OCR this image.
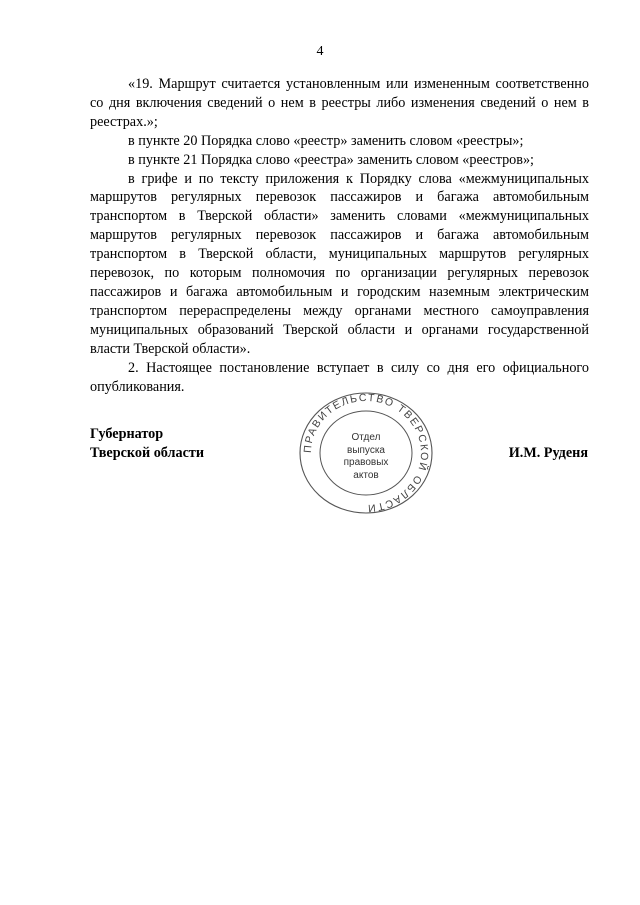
4

«19. Маршрут считается установленным или измененным соответственно со дня включения сведений о нем в реестры либо изменения сведений о нем в реестрах.»;

в пункте 20 Порядка слово «реестр» заменить словом «реестры»;

в пункте 21 Порядка слово «реестра» заменить словом «реестров»;

в грифе и по тексту приложения к Порядку слова «межмуниципальных маршрутов регулярных перевозок пассажиров и багажа автомобильным транспортом в Тверской области» заменить словами «межмуниципальных маршрутов регулярных перевозок пассажиров и багажа автомобильным транспортом в Тверской области, муниципальных маршрутов регулярных перевозок, по которым полномочия по организации регулярных перевозок пассажиров и багажа автомобильным и городским наземным электрическим транспортом перераспределены между органами местного самоуправления муниципальных образований Тверской области и органами государственной власти Тверской области».

2. Настоящее постановление вступает в силу со дня его официального опубликования.

Губернатор
Тверской области	И.М. Руденя
ПРАВИТЕЛЬСТВО ТВЕРСКОЙ ОБЛАСТИ
Отдел
выпуска
правовых
актов
